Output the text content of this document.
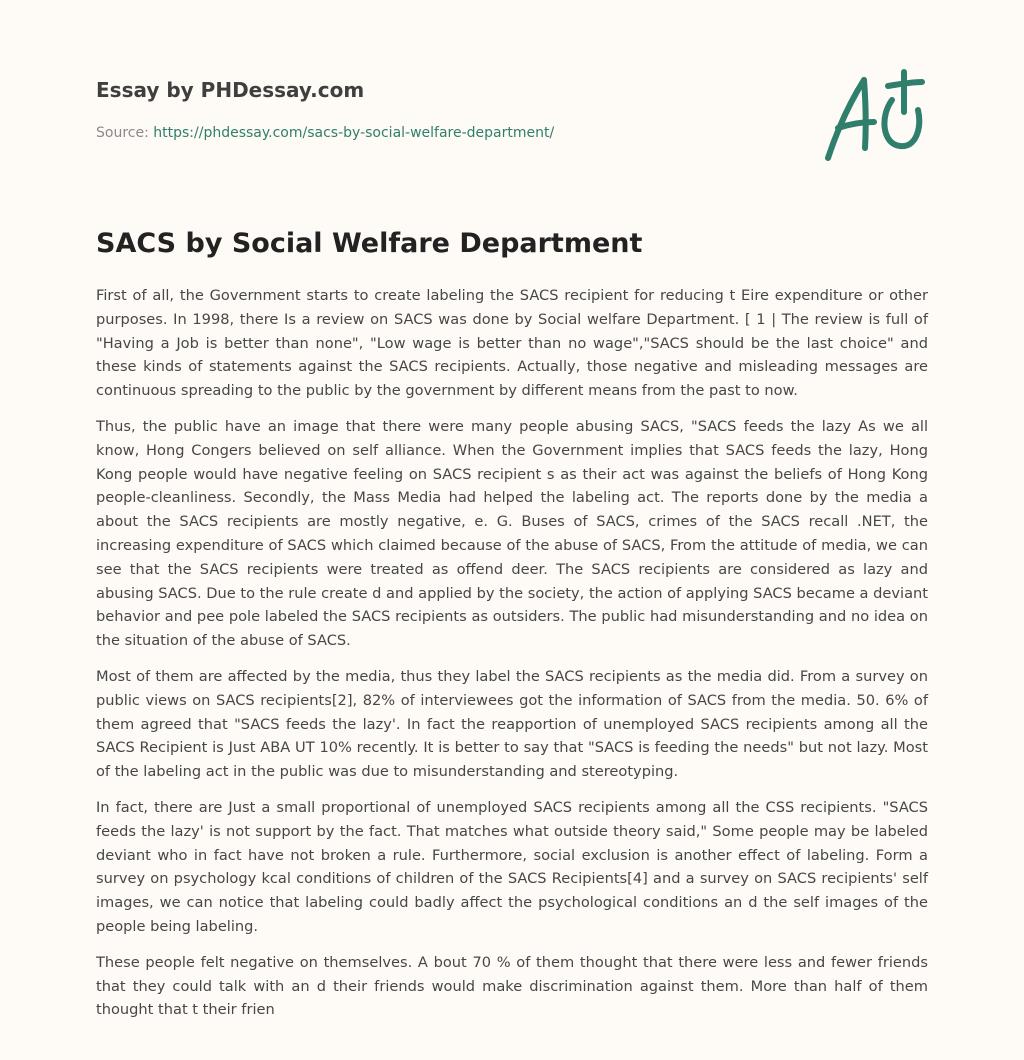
Essay by PHDessay.com

Source: https://phdessay.com/sacs-by-social-welfare-department/

SACS by Social Welfare Department

First of all, the Government starts to create labeling the SACS recipient for reducing t Eire expenditure or other purposes. In 1998, there Is a review on SACS was done by Social welfare Department. [ 1 | The review is full of "Having a Job is better than none", "Low wage is better than no wage","SACS should be the last choice" and these kinds of statements against the SACS recipients. Actually, those negative and misleading messages are continuous spreading to the public by the government by different means from the past to now.

Thus, the public have an image that there were many people abusing SACS, "SACS feeds the lazy As we all know, Hong Congers believed on self alliance. When the Government implies that SACS feeds the lazy, Hong Kong people would have negative feeling on SACS recipient s as their act was against the beliefs of Hong Kong people-cleanliness. Secondly, the Mass Media had helped the labeling act. The reports done by the media a about the SACS recipients are mostly negative, e. G. Buses of SACS, crimes of the SACS recall .NET, the increasing expenditure of SACS which claimed because of the abuse of SACS, From the attitude of media, we can see that the SACS recipients were treated as offend deer. The SACS recipients are considered as lazy and abusing SACS. Due to the rule create d and applied by the society, the action of applying SACS became a deviant behavior and pee pole labeled the SACS recipients as outsiders. The public had misunderstanding and no idea on the situation of the abuse of SACS.

Most of them are affected by the media, thus they label the SACS recipients as the media did. From a survey on public views on SACS recipients[2], 82% of interviewees got the information of SACS from the media. 50. 6% of them agreed that "SACS feeds the lazy'. In fact the reapportion of unemployed SACS recipients among all the SACS Recipient is Just ABA UT 10% recently. It is better to say that "SACS is feeding the needs" but not lazy. Most of the labeling act in the public was due to misunderstanding and stereotyping.

In fact, there are Just a small proportional of unemployed SACS recipients among all the CSS recipients. "SACS feeds the lazy' is not support by the fact. That matches what outside theory said," Some people may be labeled deviant who in fact have not broken a rule. Furthermore, social exclusion is another effect of labeling. Form a survey on psychology kcal conditions of children of the SACS Recipients[4] and a survey on SACS recipients' self images, we can notice that labeling could badly affect the psychological conditions an d the self images of the people being labeling.

These people felt negative on themselves. A bout 70 % of them thought that there were less and fewer friends that they could talk with an d their friends would make discrimination against them. More than half of them thought that t their frien
